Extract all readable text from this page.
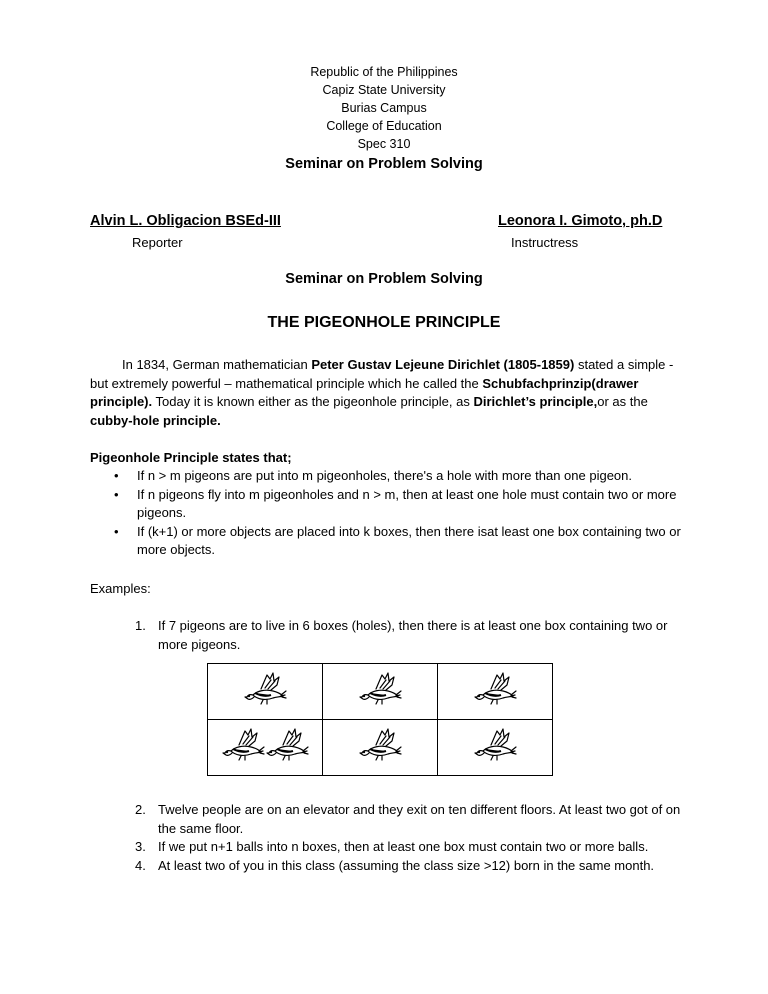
Republic of the Philippines
Capiz State University
Burias Campus
College of Education
Spec 310
Seminar on Problem Solving
Alvin L. Obligacion BSEd-III
Reporter
Leonora I. Gimoto, ph.D
Instructress
Seminar on Problem Solving
THE PIGEONHOLE PRINCIPLE
In 1834, German mathematician Peter Gustav Lejeune Dirichlet (1805-1859) stated a simple - but extremely powerful – mathematical principle which he called the Schubfachprinzip(drawer principle). Today it is known either as the pigeonhole principle, as Dirichlet’s principle,or as the cubby-hole principle.
Pigeonhole Principle states that;
• If n > m pigeons are put into m pigeonholes, there's a hole with more than one pigeon.
• If n pigeons fly into m pigeonholes and n > m, then at least one hole must contain two or more pigeons.
• If (k+1) or more objects are placed into k boxes, then there isat least one box containing two or more objects.
Examples:
1. If 7 pigeons are to live in 6 boxes (holes), then there is at least one box containing two or more pigeons.

2. Twelve people are on an elevator and they exit on ten different floors. At least two got of on the same floor.
3. If we put n+1 balls into n boxes, then at least one box must contain two or more balls.
4. At least two of you in this class (assuming the class size >12) born in the same month.
